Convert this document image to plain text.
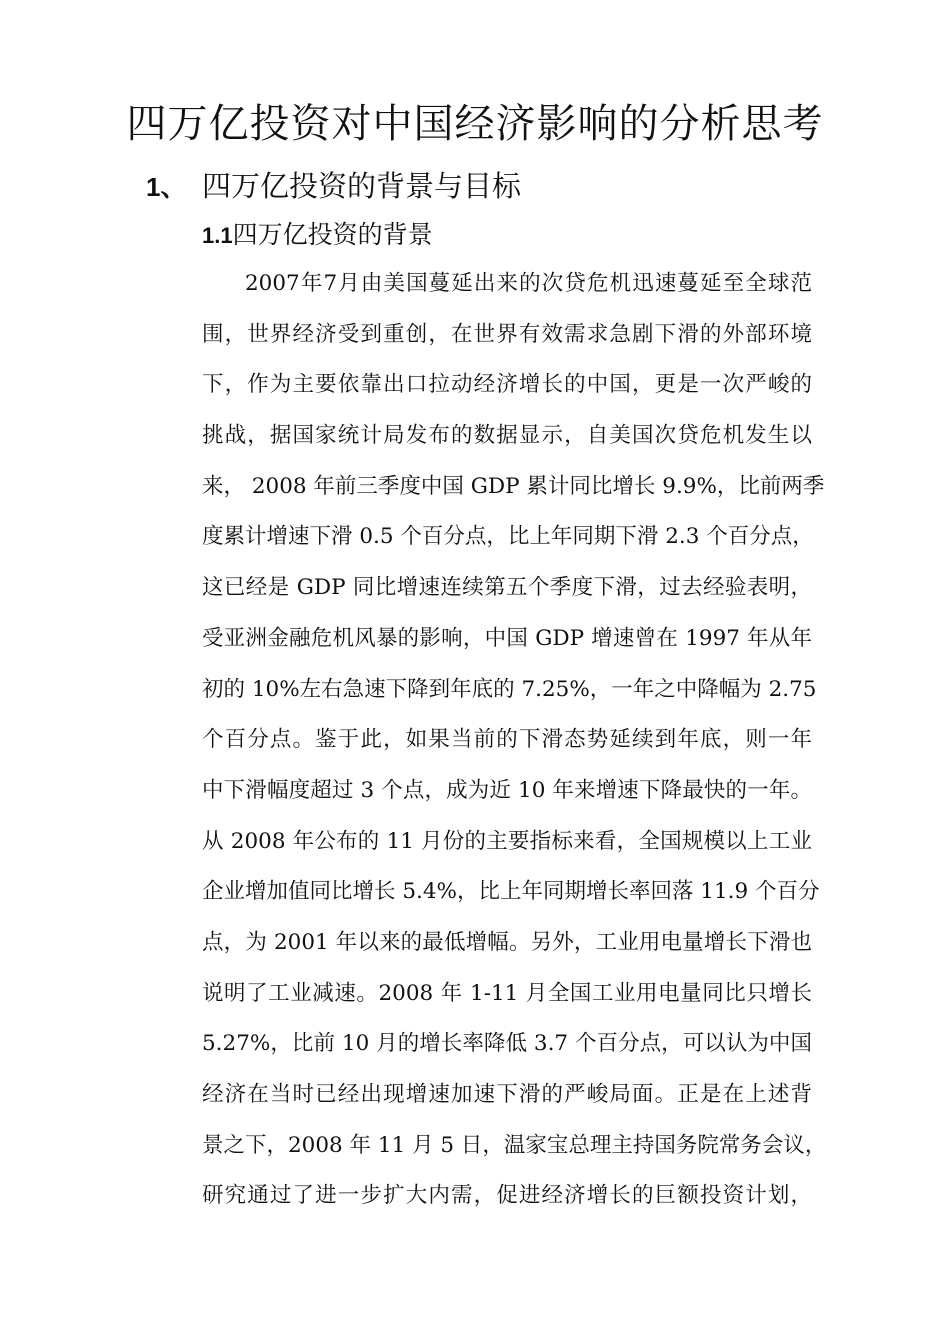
四万亿投资对中国经济影响的分析思考
1、 四万亿投资的背景与目标
1.1四万亿投资的背景
2007年7月由美国蔓延出来的次贷危机迅速蔓延至全球范
围，世界经济受到重创，在世界有效需求急剧下滑的外部环境
下，作为主要依靠出口拉动经济增长的中国，更是一次严峻的
挑战，据国家统计局发布的数据显示，自美国次贷危机发生以
来， 2008 年前三季度中国 GDP 累计同比增长 9.9%，比前两季
度累计增速下滑 0.5 个百分点，比上年同期下滑 2.3 个百分点，
这已经是 GDP 同比增速连续第五个季度下滑，过去经验表明，
受亚洲金融危机风暴的影响，中国 GDP 增速曾在 1997 年从年
初的 10%左右急速下降到年底的 7.25%，一年之中降幅为 2.75
个百分点。鉴于此，如果当前的下滑态势延续到年底，则一年
中下滑幅度超过 3 个点，成为近 10 年来增速下降最快的一年。
从 2008 年公布的 11 月份的主要指标来看，全国规模以上工业
企业增加值同比增长 5.4%，比上年同期增长率回落 11.9 个百分
点，为 2001 年以来的最低增幅。另外，工业用电量增长下滑也
说明了工业减速。2008 年 1-11 月全国工业用电量同比只增长
5.27%，比前 10 月的增长率降低 3.7 个百分点，可以认为中国
经济在当时已经出现增速加速下滑的严峻局面。正是在上述背
景之下，2008 年 11 月 5 日，温家宝总理主持国务院常务会议，
研究通过了进一步扩大内需，促进经济增长的巨额投资计划，
